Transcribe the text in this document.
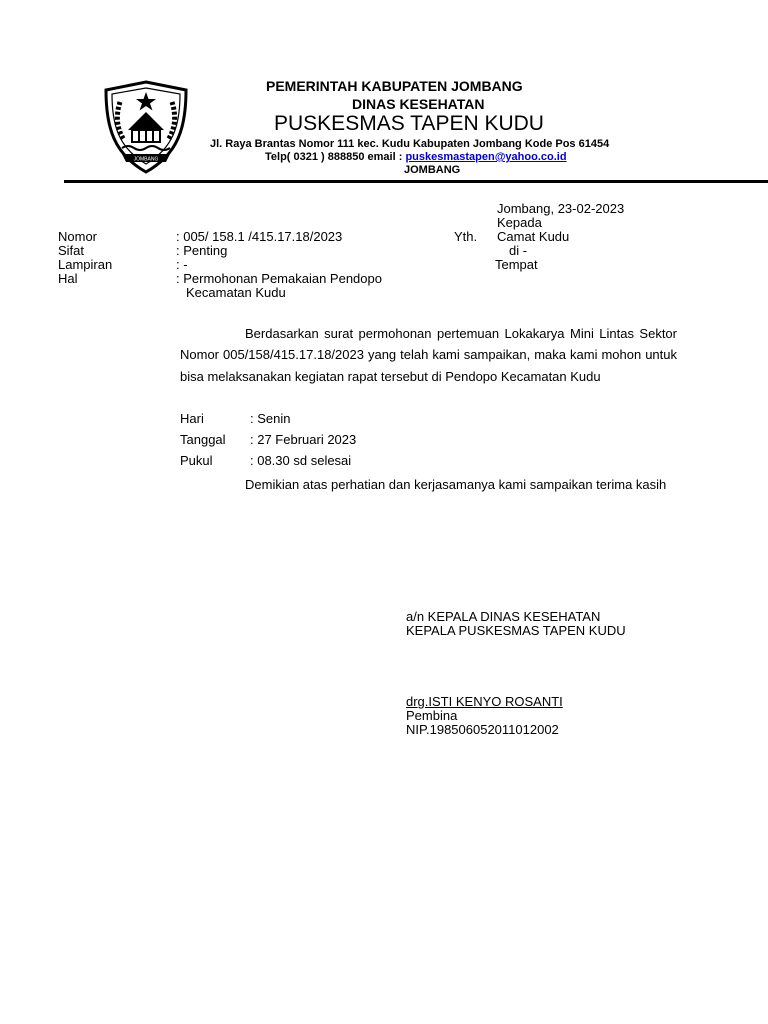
JOMBANG
PEMERINTAH KABUPATEN JOMBANG
DINAS KESEHATAN
PUSKESMAS TAPEN KUDU
Jl. Raya Brantas Nomor 111 kec. Kudu Kabupaten Jombang Kode Pos 61454
Telp( 0321 ) 888850 email : puskesmastapen@yahoo.co.id
JOMBANG
Jombang, 23-02-2023
Kepada
Yth. Camat Kudu
di -
Tempat
Nomor	: 005/ 158.1 /415.17.18/2023
Sifat	: Penting
Lampiran	: -
Hal	: Permohonan Pemakaian Pendopo
Kecamatan Kudu
Berdasarkan surat permohonan pertemuan Lokakarya Mini Lintas Sektor Nomor 005/158/415.17.18/2023 yang telah kami sampaikan, maka kami mohon untuk bisa melaksanakan kegiatan rapat tersebut di Pendopo Kecamatan Kudu
Hari	: Senin
Tanggal : 27 Februari 2023
Pukul	: 08.30 sd selesai
Demikian atas perhatian dan kerjasamanya kami sampaikan terima kasih
a/n KEPALA DINAS KESEHATAN
KEPALA PUSKESMAS TAPEN KUDU
drg.ISTI KENYO ROSANTI
Pembina
NIP.198506052011012002
